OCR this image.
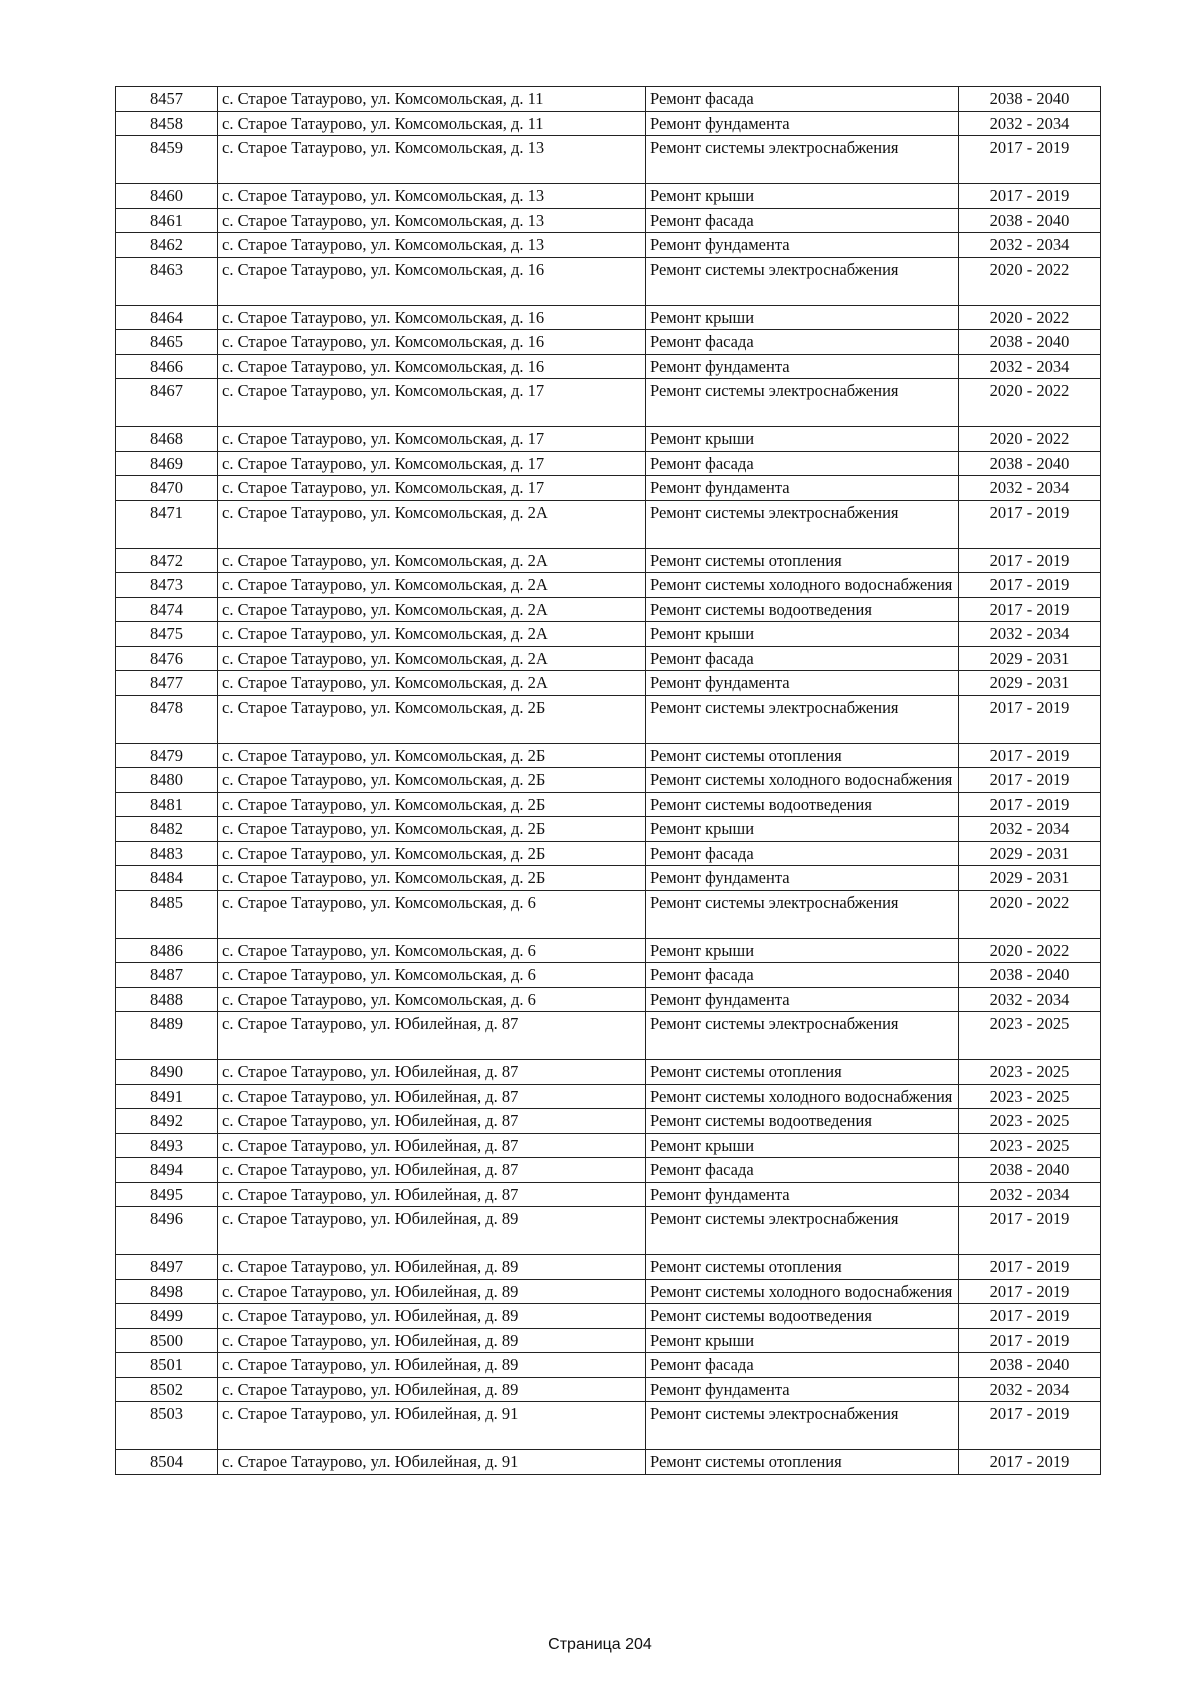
8457	с. Старое Татаурово, ул. Комсомольская, д. 11	Ремонт фасада	2038 - 2040
8458	с. Старое Татаурово, ул. Комсомольская, д. 11	Ремонт фундамента	2032 - 2034
8459	с. Старое Татаурово, ул. Комсомольская, д. 13	Ремонт системы электроснабжения	2017 - 2019
8460	с. Старое Татаурово, ул. Комсомольская, д. 13	Ремонт крыши	2017 - 2019
8461	с. Старое Татаурово, ул. Комсомольская, д. 13	Ремонт фасада	2038 - 2040
8462	с. Старое Татаурово, ул. Комсомольская, д. 13	Ремонт фундамента	2032 - 2034
8463	с. Старое Татаурово, ул. Комсомольская, д. 16	Ремонт системы электроснабжения	2020 - 2022
8464	с. Старое Татаурово, ул. Комсомольская, д. 16	Ремонт крыши	2020 - 2022
8465	с. Старое Татаурово, ул. Комсомольская, д. 16	Ремонт фасада	2038 - 2040
8466	с. Старое Татаурово, ул. Комсомольская, д. 16	Ремонт фундамента	2032 - 2034
8467	с. Старое Татаурово, ул. Комсомольская, д. 17	Ремонт системы электроснабжения	2020 - 2022
8468	с. Старое Татаурово, ул. Комсомольская, д. 17	Ремонт крыши	2020 - 2022
8469	с. Старое Татаурово, ул. Комсомольская, д. 17	Ремонт фасада	2038 - 2040
8470	с. Старое Татаурово, ул. Комсомольская, д. 17	Ремонт фундамента	2032 - 2034
8471	с. Старое Татаурово, ул. Комсомольская, д. 2А	Ремонт системы электроснабжения	2017 - 2019
8472	с. Старое Татаурово, ул. Комсомольская, д. 2А	Ремонт системы отопления	2017 - 2019
8473	с. Старое Татаурово, ул. Комсомольская, д. 2А	Ремонт системы холодного водоснабжения	2017 - 2019
8474	с. Старое Татаурово, ул. Комсомольская, д. 2А	Ремонт системы водоотведения	2017 - 2019
8475	с. Старое Татаурово, ул. Комсомольская, д. 2А	Ремонт крыши	2032 - 2034
8476	с. Старое Татаурово, ул. Комсомольская, д. 2А	Ремонт фасада	2029 - 2031
8477	с. Старое Татаурово, ул. Комсомольская, д. 2А	Ремонт фундамента	2029 - 2031
8478	с. Старое Татаурово, ул. Комсомольская, д. 2Б	Ремонт системы электроснабжения	2017 - 2019
8479	с. Старое Татаурово, ул. Комсомольская, д. 2Б	Ремонт системы отопления	2017 - 2019
8480	с. Старое Татаурово, ул. Комсомольская, д. 2Б	Ремонт системы холодного водоснабжения	2017 - 2019
8481	с. Старое Татаурово, ул. Комсомольская, д. 2Б	Ремонт системы водоотведения	2017 - 2019
8482	с. Старое Татаурово, ул. Комсомольская, д. 2Б	Ремонт крыши	2032 - 2034
8483	с. Старое Татаурово, ул. Комсомольская, д. 2Б	Ремонт фасада	2029 - 2031
8484	с. Старое Татаурово, ул. Комсомольская, д. 2Б	Ремонт фундамента	2029 - 2031
8485	с. Старое Татаурово, ул. Комсомольская, д. 6	Ремонт системы электроснабжения	2020 - 2022
8486	с. Старое Татаурово, ул. Комсомольская, д. 6	Ремонт крыши	2020 - 2022
8487	с. Старое Татаурово, ул. Комсомольская, д. 6	Ремонт фасада	2038 - 2040
8488	с. Старое Татаурово, ул. Комсомольская, д. 6	Ремонт фундамента	2032 - 2034
8489	с. Старое Татаурово, ул. Юбилейная, д. 87	Ремонт системы электроснабжения	2023 - 2025
8490	с. Старое Татаурово, ул. Юбилейная, д. 87	Ремонт системы отопления	2023 - 2025
8491	с. Старое Татаурово, ул. Юбилейная, д. 87	Ремонт системы холодного водоснабжения	2023 - 2025
8492	с. Старое Татаурово, ул. Юбилейная, д. 87	Ремонт системы водоотведения	2023 - 2025
8493	с. Старое Татаурово, ул. Юбилейная, д. 87	Ремонт крыши	2023 - 2025
8494	с. Старое Татаурово, ул. Юбилейная, д. 87	Ремонт фасада	2038 - 2040
8495	с. Старое Татаурово, ул. Юбилейная, д. 87	Ремонт фундамента	2032 - 2034
8496	с. Старое Татаурово, ул. Юбилейная, д. 89	Ремонт системы электроснабжения	2017 - 2019
8497	с. Старое Татаурово, ул. Юбилейная, д. 89	Ремонт системы отопления	2017 - 2019
8498	с. Старое Татаурово, ул. Юбилейная, д. 89	Ремонт системы холодного водоснабжения	2017 - 2019
8499	с. Старое Татаурово, ул. Юбилейная, д. 89	Ремонт системы водоотведения	2017 - 2019
8500	с. Старое Татаурово, ул. Юбилейная, д. 89	Ремонт крыши	2017 - 2019
8501	с. Старое Татаурово, ул. Юбилейная, д. 89	Ремонт фасада	2038 - 2040
8502	с. Старое Татаурово, ул. Юбилейная, д. 89	Ремонт фундамента	2032 - 2034
8503	с. Старое Татаурово, ул. Юбилейная, д. 91	Ремонт системы электроснабжения	2017 - 2019
8504	с. Старое Татаурово, ул. Юбилейная, д. 91	Ремонт системы отопления	2017 - 2019
Страница 204
